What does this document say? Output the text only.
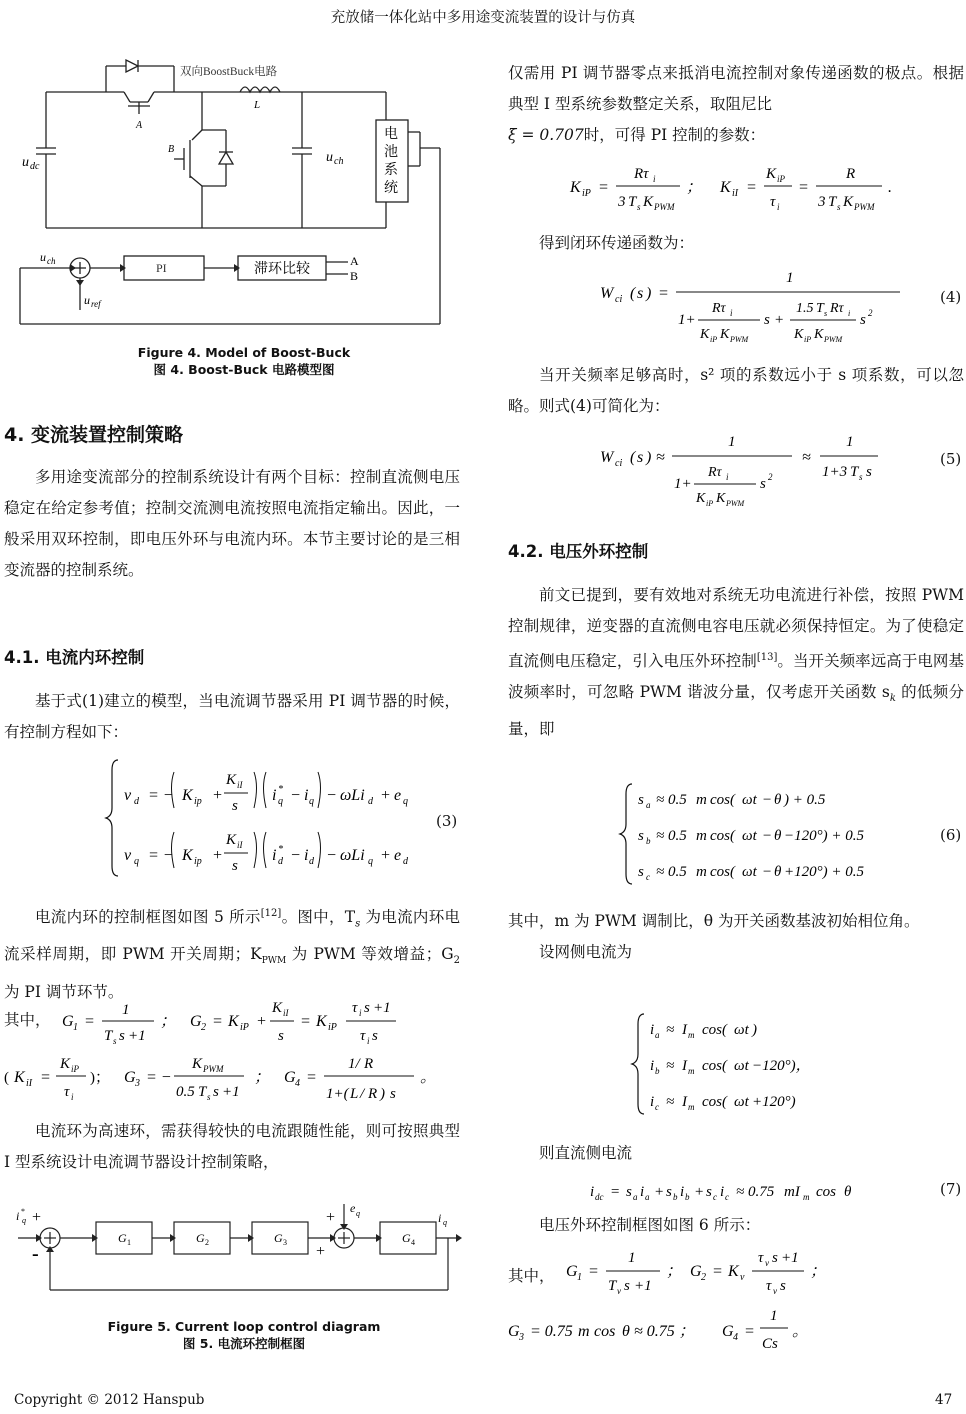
充放储一体化站中多用途变流装置的设计与仿真
Copyright © 2012 Hanspub	47
双向BoostBuck电路
L
A
B
u dc
u ch
电
池
系
统
u ch
u ref
PI	滞环比较
A
B
Figure 4. Model of Boost-Buck
图 4. Boost-Buck 电路模型图
4. 变流装置控制策略

多用途变流部分的控制系统设计有两个目标：控制直流侧电压稳定在给定参考值；控制交流测电流按照电流指定输出。因此，一般采用双环控制，即电压外环与电流内环。本节主要讨论的是三相变流器的控制系统。

4.1. 电流内环控制

基于式(1)建立的模型，当电流调节器采用 PI 调节器的时候，有控制方程如下：

v d = − K ip +
K iI
s
i *
q − i q − ωLi d + e q
v q = − K ip +
K iI
s
i *
d − i d − ωLi q + e d
(3)

电流内环的控制框图如图 5 所示[12]。图中，$T_s$ 为电流内环电流采样周期，即 PWM 开关周期；$K_{PWM}$ 为 PWM 等效增益；$G_2$ 为 PI 调节环节。

其中， G 1 =
1
T s s +1
； G 2 = K iP +
K iI
s
= K iP
τ i s +1
τ i s
( K iI =
K iP
τ i
)； G 3 = −
K PWM
0.5 T s s +1
； G 4 =
1/ R
1+( L / R ) s
。

电流环为高速环，需获得较快的电流跟随性能，则可按照典型 I 型系统设计电流调节器设计控制策略，

i *
q +
-
G 1	G 2	G 3	G 4
e q
+
+
i q
Figure 5. Current loop control diagram
图 5. 电流环控制框图

仅需用 PI 调节器零点来抵消电流控制对象传递函数的极点。根据典型 I 型系统参数整定关系，取阻尼比

ξ = 0.707时，可得 PI 控制的参数：

K iP =
Rτ i
3 T s K PWM
； K iI =
K iP
τ i
=
R
3 T s K PWM
.

得到闭环传递函数为：

W ci ( s ) =
1
1+
Rτ i
K iP K PWM
s +
1.5 T s Rτ i
K iP K PWM
s 2
(4)

当开关频率足够高时，s² 项的系数远小于 s 项系数，可以忽略。则式(4)可简化为：

W ci ( s ) ≈
1
1+
Rτ i
K iP K PWM
s 2
≈
1
1+3 T s s
(5)
4.2. 电压外环控制

前文已提到，要有效地对系统无功电流进行补偿，按照 PWM 控制规律，逆变器的直流侧电容电压就必须保持恒定。为了使稳定直流侧电压稳定，引入电压外环控制[13]。当开关频率远高于电网基波频率时，可忽略 PWM 谐波分量，仅考虑开关函数 $s_k$ 的低频分量，即

s a ≈ 0.5 m cos( ωt − θ ) + 0.5
s b ≈ 0.5 m cos( ωt − θ −120°) + 0.5
s c ≈ 0.5 m cos( ωt − θ +120°) + 0.5
(6)

其中，m 为 PWM 调制比，θ 为开关函数基波初始相位角。

设网侧电流为

i a ≈ I m cos( ωt )
i b ≈ I m cos( ωt −120°)，
i c ≈ I m cos( ωt +120°)

则直流侧电流

i dc = s a i a + s b i b + s c i c ≈ 0.75 mI m cos θ	(7)

电压外环控制框图如图 6 所示：

其中， G 1 =
1
T v s +1
； G 2 = K v
τ v s +1
τ v s
；
G 3 = 0.75 m cos θ ≈ 0.75 ； G 4 =
1
Cs
。
